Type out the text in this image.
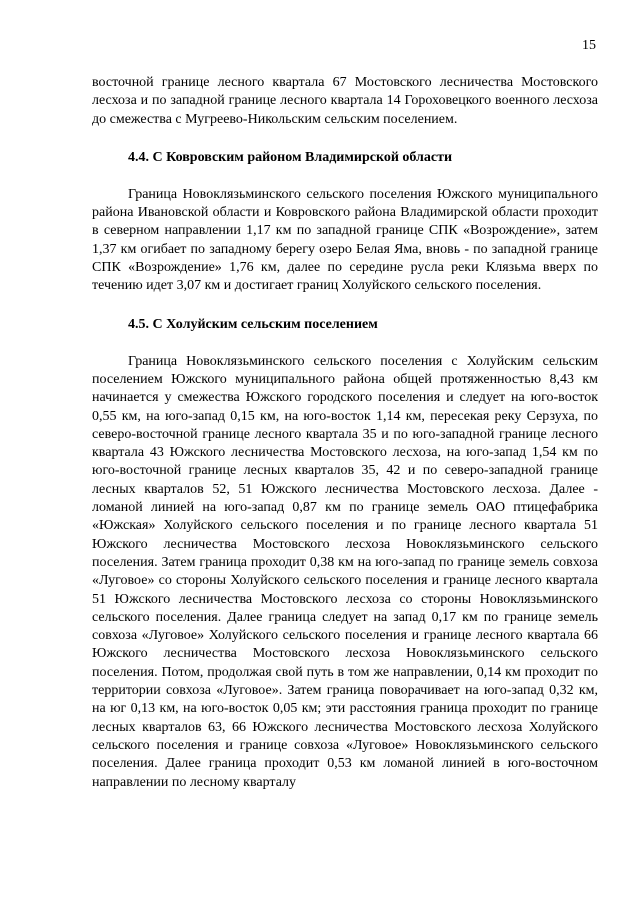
15

восточной границе лесного квартала 67 Мостовского лесничества Мостовского лесхоза и по западной границе лесного квартала 14 Гороховецкого военного лесхоза до смежества с Мугреево-Никольским сельским поселением.

4.4. С Ковровским районом Владимирской области

Граница Новоклязьминского сельского поселения Южского муниципального района Ивановской области и Ковровского района Владимирской области проходит в северном направлении 1,17 км по западной границе СПК «Возрождение», затем 1,37 км огибает по западному берегу озеро Белая Яма, вновь - по западной границе СПК «Возрождение» 1,76 км, далее по середине русла реки Клязьма вверх по течению идет 3,07 км и достигает границ Холуйского сельского поселения.

4.5. С Холуйским сельским поселением

Граница Новоклязьминского сельского поселения с Холуйским сельским поселением Южского муниципального района общей протяженностью 8,43 км начинается у смежества Южского городского поселения и следует на юго-восток 0,55 км, на юго-запад 0,15 км, на юго-восток 1,14 км, пересекая реку Серзуха, по северо-восточной границе лесного квартала 35 и по юго-западной границе лесного квартала 43 Южского лесничества Мостовского лесхоза, на юго-запад 1,54 км по юго-восточной границе лесных кварталов 35, 42 и по северо-западной границе лесных кварталов 52, 51 Южского лесничества Мостовского лесхоза. Далее - ломаной линией на юго-запад 0,87 км по границе земель ОАО птицефабрика «Южская» Холуйского сельского поселения и по границе лесного квартала 51 Южского лесничества Мостовского лесхоза Новоклязьминского сельского поселения. Затем граница проходит 0,38 км на юго-запад по границе земель совхоза «Луговое» со стороны Холуйского сельского поселения и границе лесного квартала 51 Южского лесничества Мостовского лесхоза со стороны Новоклязьминского сельского поселения. Далее граница следует на запад 0,17 км по границе земель совхоза «Луговое» Холуйского сельского поселения и границе лесного квартала 66 Южского лесничества Мостовского лесхоза Новоклязьминского сельского поселения. Потом, продолжая свой путь в том же направлении, 0,14 км проходит по территории совхоза «Луговое». Затем граница поворачивает на юго-запад 0,32 км, на юг 0,13 км, на юго-восток 0,05 км; эти расстояния граница проходит по границе лесных кварталов 63, 66 Южского лесничества Мостовского лесхоза Холуйского сельского поселения и границе совхоза «Луговое» Новоклязьминского сельского поселения. Далее граница проходит 0,53 км ломаной линией в юго-восточном направлении по лесному кварталу
